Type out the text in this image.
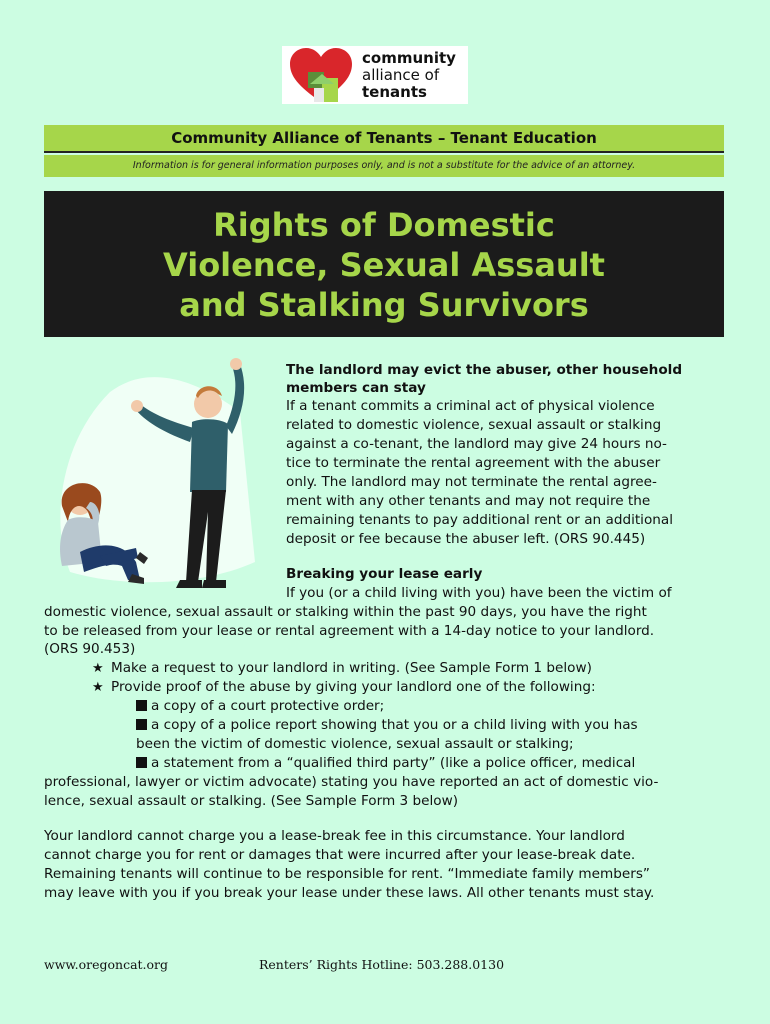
community
alliance of
tenants
Community Alliance of Tenants – Tenant Education
Information is for general information purposes only, and is not a substitute for the advice of an attorney.
Rights of Domestic
Violence, Sexual Assault
and Stalking Survivors
The landlord may evict the abuser, other household
members can stay
If a tenant commits a criminal act of physical violence
related to domestic violence, sexual assault or stalking
against a co-tenant, the landlord may give 24 hours no-
tice to terminate the rental agreement with the abuser
only. The landlord may not terminate the rental agree-
ment with any other tenants and may not require the
remaining tenants to pay additional rent or an additional
deposit or fee because the abuser left. (ORS 90.445)
Breaking your lease early
If you (or a child living with you) have been the victim of
domestic violence, sexual assault or stalking within the past 90 days, you have the right
to be released from your lease or rental agreement with a 14-day notice to your landlord.
(ORS 90.453)
★ Make a request to your landlord in writing. (See Sample Form 1 below)
★ Provide proof of the abuse by giving your landlord one of the following:
a copy of a court protective order;
a copy of a police report showing that you or a child living with you has
been the victim of domestic violence, sexual assault or stalking;
a statement from a “qualified third party” (like a police officer, medical
professional, lawyer or victim advocate) stating you have reported an act of domestic vio-
lence, sexual assault or stalking. (See Sample Form 3 below)
Your landlord cannot charge you a lease-break fee in this circumstance. Your landlord
cannot charge you for rent or damages that were incurred after your lease-break date.
Remaining tenants will continue to be responsible for rent. “Immediate family members”
may leave with you if you break your lease under these laws. All other tenants must stay.
www.oregoncat.org	Renters’ Rights Hotline: 503.288.0130
